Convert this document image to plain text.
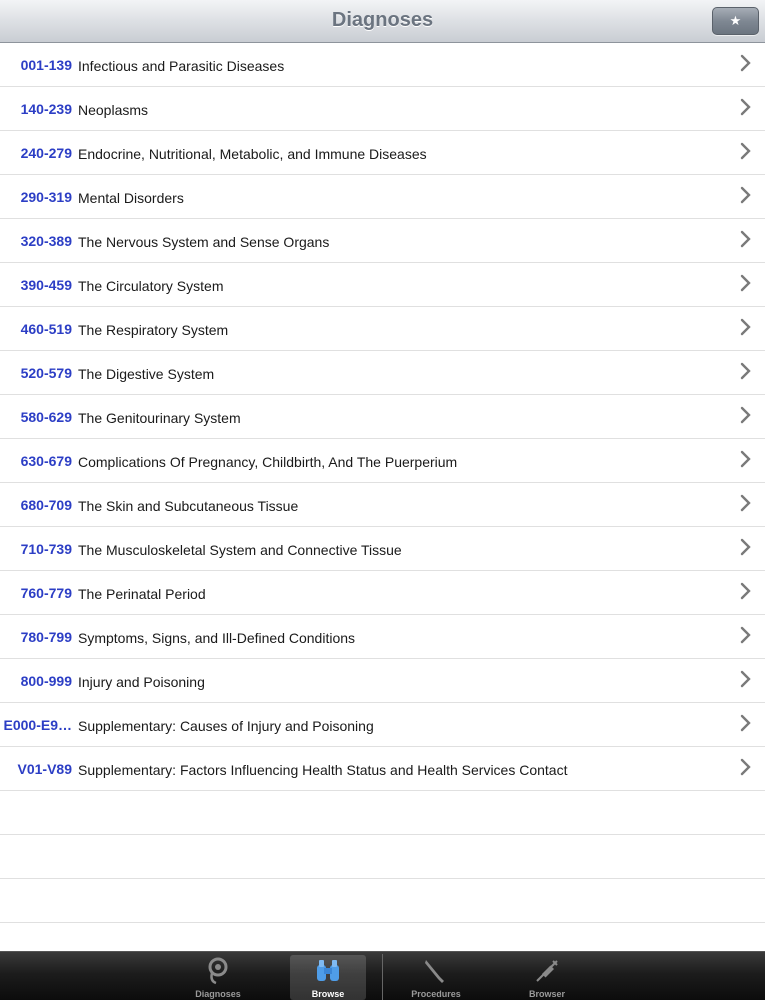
Diagnoses	★
001-139 Infectious and Parasitic Diseases
140-239 Neoplasms
240-279 Endocrine, Nutritional, Metabolic, and Immune Diseases
290-319 Mental Disorders
320-389 The Nervous System and Sense Organs
390-459 The Circulatory System
460-519 The Respiratory System
520-579 The Digestive System
580-629 The Genitourinary System
630-679 Complications Of Pregnancy, Childbirth, And The Puerperium
680-709 The Skin and Subcutaneous Tissue
710-739 The Musculoskeletal System and Connective Tissue
760-779 The Perinatal Period
780-799 Symptoms, Signs, and Ill-Defined Conditions
800-999 Injury and Poisoning
E000-E9… Supplementary: Causes of Injury and Poisoning
V01-V89 Supplementary: Factors Influencing Health Status and Health Services Contact
Diagnoses	Browse	Procedures	Browser
